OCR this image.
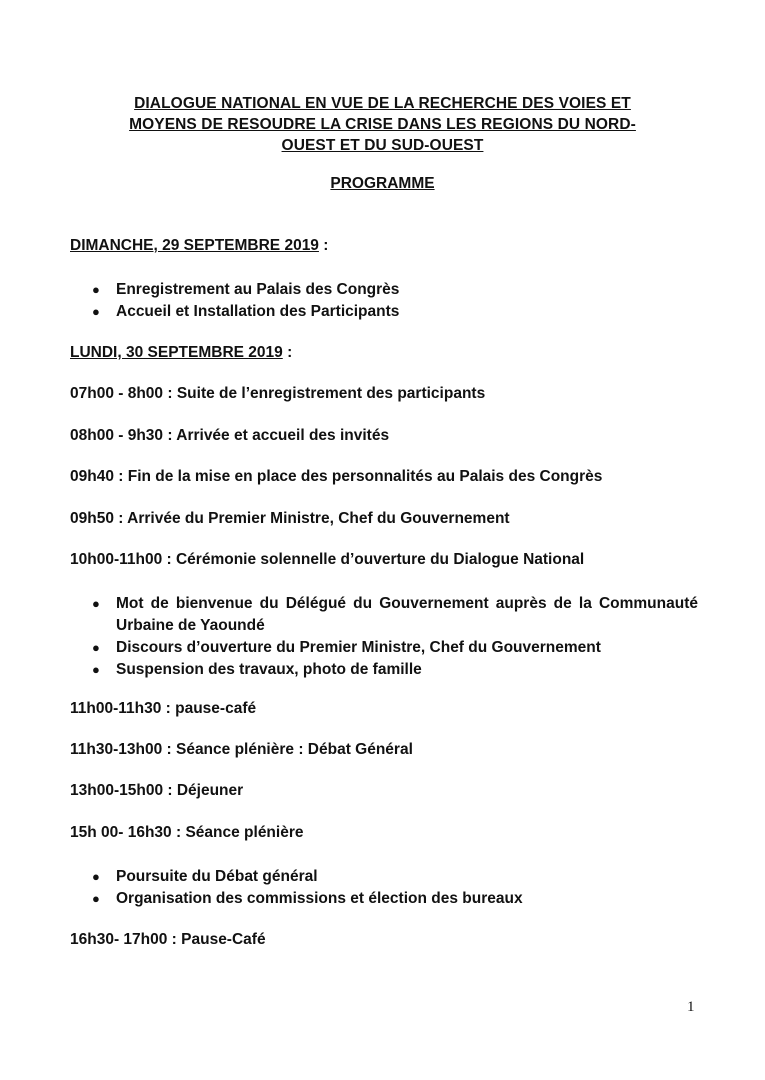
DIALOGUE NATIONAL EN VUE DE LA RECHERCHE DES VOIES ET
MOYENS DE RESOUDRE LA CRISE DANS LES REGIONS DU NORD-
OUEST ET DU SUD-OUEST
PROGRAMME
DIMANCHE, 29 SEPTEMBRE 2019 :
● Enregistrement au Palais des Congrès
● Accueil et Installation des Participants
LUNDI, 30 SEPTEMBRE 2019 :
07h00 - 8h00 : Suite de l’enregistrement des participants
08h00 - 9h30 : Arrivée et accueil des invités
09h40 : Fin de la mise en place des personnalités au Palais des Congrès
09h50 : Arrivée du Premier Ministre, Chef du Gouvernement
10h00-11h00 : Cérémonie solennelle d’ouverture du Dialogue National
● Mot de bienvenue du Délégué du Gouvernement auprès de la Communauté Urbaine de Yaoundé
● Discours d’ouverture du Premier Ministre, Chef du Gouvernement
● Suspension des travaux, photo de famille
11h00-11h30 : pause-café
11h30-13h00 : Séance plénière : Débat Général
13h00-15h00 : Déjeuner
15h 00- 16h30 : Séance plénière
● Poursuite du Débat général
● Organisation des commissions et élection des bureaux
16h30- 17h00 : Pause-Café
1
